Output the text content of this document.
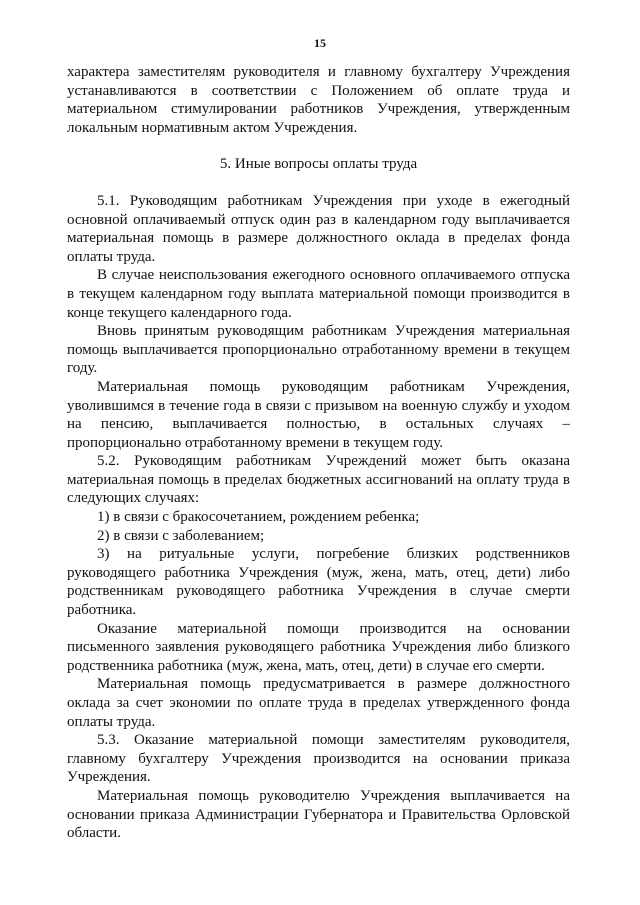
15

характера заместителям руководителя и главному бухгалтеру Учреждения устанавливаются в соответствии с Положением об оплате труда и материальном стимулировании работников Учреждения, утвержденным локальным нормативным актом Учреждения.

5. Иные вопросы оплаты труда

5.1. Руководящим работникам Учреждения при уходе в ежегодный основной оплачиваемый отпуск один раз в календарном году выплачивается материальная помощь в размере должностного оклада в пределах фонда оплаты труда.

В случае неиспользования ежегодного основного оплачиваемого отпуска в текущем календарном году выплата материальной помощи производится в конце текущего календарного года.

Вновь принятым руководящим работникам Учреждения материальная помощь выплачивается пропорционально отработанному времени в текущем году.

Материальная помощь руководящим работникам Учреждения, уволившимся в течение года в связи с призывом на военную службу и уходом на пенсию, выплачивается полностью, в остальных случаях – пропорционально отработанному времени в текущем году.

5.2. Руководящим работникам Учреждений может быть оказана материальная помощь в пределах бюджетных ассигнований на оплату труда в следующих случаях:

1) в связи с бракосочетанием, рождением ребенка;

2) в связи с заболеванием;

3) на ритуальные услуги, погребение близких родственников руководящего работника Учреждения (муж, жена, мать, отец, дети) либо родственникам руководящего работника Учреждения в случае смерти работника.

Оказание материальной помощи производится на основании письменного заявления руководящего работника Учреждения либо близкого родственника работника (муж, жена, мать, отец, дети) в случае его смерти.

Материальная помощь предусматривается в размере должностного оклада за счет экономии по оплате труда в пределах утвержденного фонда оплаты труда.

5.3. Оказание материальной помощи заместителям руководителя, главному бухгалтеру Учреждения производится на основании приказа Учреждения.

Материальная помощь руководителю Учреждения выплачивается на основании приказа Администрации Губернатора и Правительства Орловской области.
